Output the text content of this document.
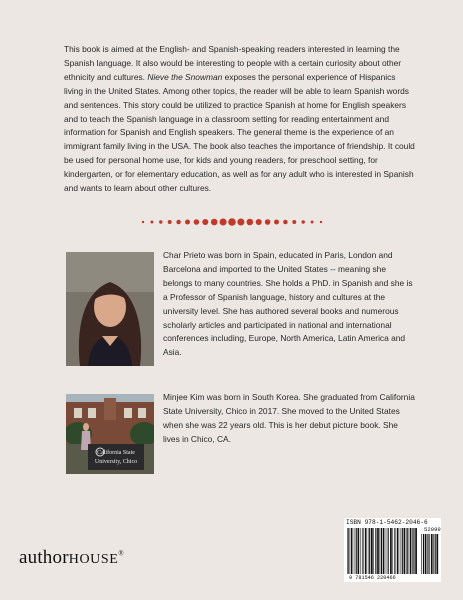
This book is aimed at the English- and Spanish-speaking readers interested in learning the Spanish language. It also would be interesting to people with a certain curiosity about other ethnicity and cultures. Nieve the Snowman exposes the personal experience of Hispanics living in the United States. Among other topics, the reader will be able to learn Spanish words and sentences. This story could be utilized to practice Spanish at home for English speakers and to teach the Spanish language in a classroom setting for reading entertainment and information for Spanish and English speakers. The general theme is the experience of an immigrant family living in the USA. The book also teaches the importance of friendship. It could be used for personal home use, for kids and young readers, for preschool setting, for kindergarten, or for elementary education, as well as for any adult who is interested in Spanish and wants to learn about other cultures.

Char Prieto was born in Spain, educated in Paris, London and Barcelona and imported to the United States -- meaning she belongs to many countries. She holds a PhD. in Spanish and she is a Professor of Spanish language, history and cultures at the university level. She has authored several books and numerous scholarly articles and participated in national and international conferences including, Europe, North America, Latin America and Asia.

California State
University, Chico

Minjee Kim was born in South Korea. She graduated from California State University, Chico in 2017. She moved to the United States when she was 22 years old. This is her debut picture book. She lives in Chico, CA.

authorHOUSE®
ISBN 978-1-5462-2046-6
52099
9 781546 220466
